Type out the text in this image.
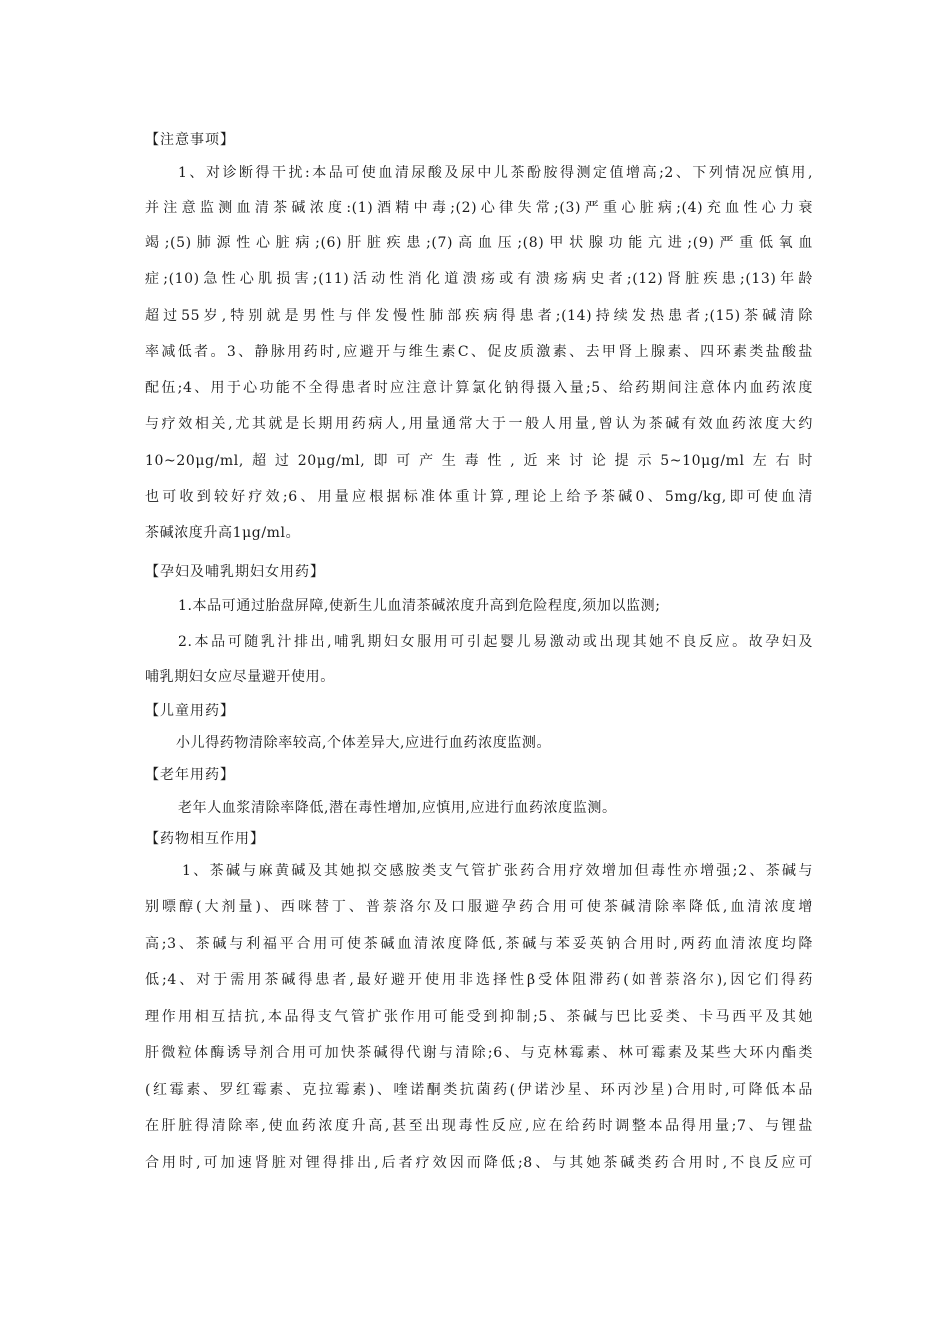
【注意事项】
1、对诊断得干扰:本品可使血清尿酸及尿中儿茶酚胺得测定值增高;2、下列情况应慎用,
并注意监测血清茶碱浓度:(1)酒精中毒;(2)心律失常;(3)严重心脏病;(4)充血性心力衰
竭;(5)肺源性心脏病;(6)肝脏疾患;(7)高血压;(8)甲状腺功能亢进;(9)严重低氧血
症;(10)急性心肌损害;(11)活动性消化道溃疡或有溃疡病史者;(12)肾脏疾患;(13)年龄
超过55岁,特别就是男性与伴发慢性肺部疾病得患者;(14)持续发热患者;(15)茶碱清除
率减低者。3、静脉用药时,应避开与维生素C、促皮质激素、去甲肾上腺素、四环素类盐酸盐
配伍;4、用于心功能不全得患者时应注意计算氯化钠得摄入量;5、给药期间注意体内血药浓度
与疗效相关,尤其就是长期用药病人,用量通常大于一般人用量,曾认为茶碱有效血药浓度大约
10~20μg/ml,超过20μg/ml,即可产生毒性,近来讨论提示5~10μg/ml左右时
也可收到较好疗效;6、用量应根据标准体重计算,理论上给予茶碱0、5mg/kg,即可使血清
茶碱浓度升高1μg/ml。
【孕妇及哺乳期妇女用药】
1.本品可通过胎盘屏障,使新生儿血清茶碱浓度升高到危险程度,须加以监测;
2.本品可随乳汁排出,哺乳期妇女服用可引起婴儿易激动或出现其她不良反应。故孕妇及
哺乳期妇女应尽量避开使用。
【儿童用药】
小儿得药物清除率较高,个体差异大,应进行血药浓度监测。
【老年用药】
老年人血浆清除率降低,潜在毒性增加,应慎用,应进行血药浓度监测。
【药物相互作用】
1、茶碱与麻黄碱及其她拟交感胺类支气管扩张药合用疗效增加但毒性亦增强;2、茶碱与
别嘌醇(大剂量)、西咪替丁、普萘洛尔及口服避孕药合用可使茶碱清除率降低,血清浓度增
高;3、茶碱与利福平合用可使茶碱血清浓度降低,茶碱与苯妥英钠合用时,两药血清浓度均降
低;4、对于需用茶碱得患者,最好避开使用非选择性β受体阻滞药(如普萘洛尔),因它们得药
理作用相互拮抗,本品得支气管扩张作用可能受到抑制;5、茶碱与巴比妥类、卡马西平及其她
肝微粒体酶诱导剂合用可加快茶碱得代谢与清除;6、与克林霉素、林可霉素及某些大环内酯类
(红霉素、罗红霉素、克拉霉素)、喹诺酮类抗菌药(伊诺沙星、环丙沙星)合用时,可降低本品
在肝脏得清除率,使血药浓度升高,甚至出现毒性反应,应在给药时调整本品得用量;7、与锂盐
合用时,可加速肾脏对锂得排出,后者疗效因而降低;8、与其她茶碱类药合用时,不良反应可
